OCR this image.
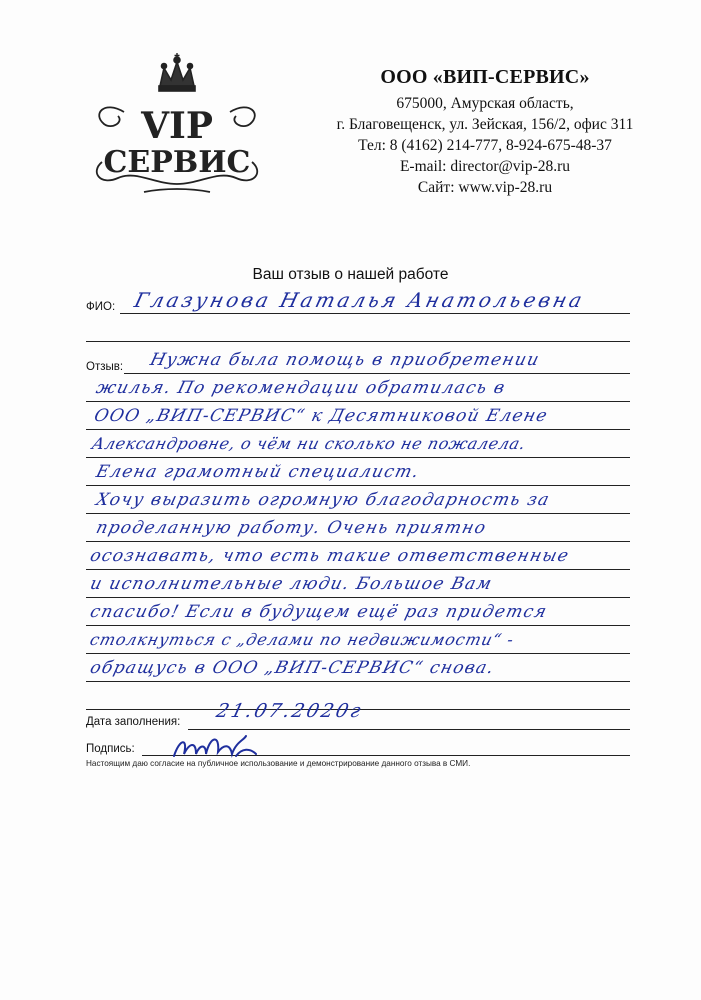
VIP
СЕРВИС
ООО «ВИП-СЕРВИС»
675000, Амурская область,
г. Благовещенск, ул. Зейская, 156/2, офис 311
Тел: 8 (4162) 214-777, 8-924-675-48-37
E-mail: director@vip-28.ru
Сайт: www.vip-28.ru
Ваш отзыв о нашей работе
ФИО: Глазунова Наталья Анатольевна
Отзыв: Нужна была помощь в приобретении
жилья. По рекомендации обратилась в
ООО „ВИП-СЕРВИС“ к Десятниковой Елене
Александровне, о чём ни сколько не пожалела.
Елена грамотный специалист.
Хочу выразить огромную благодарность за
проделанную работу. Очень приятно
осознавать, что есть такие ответственные
и исполнительные люди. Большое Вам
спасибо! Если в будущем ещё раз придется
столкнуться с „делами по недвижимости“ -
обращусь в ООО „ВИП-СЕРВИС“ снова.
Дата заполнения: 21.07.2020г
Подпись:
Настоящим даю согласие на публичное использование и демонстрирование данного отзыва в СМИ.
